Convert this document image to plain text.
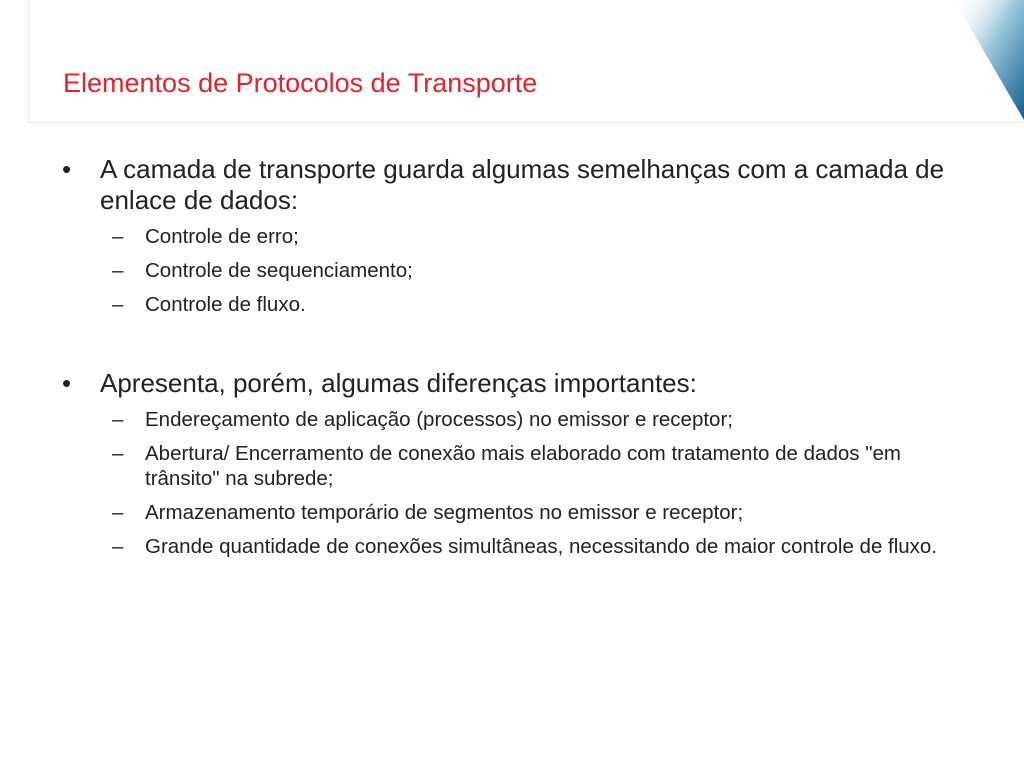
Elementos de Protocolos de Transporte
• A camada de transporte guarda algumas semelhanças com a camada de enlace de dados:
– Controle de erro;
– Controle de sequenciamento;
– Controle de fluxo.
• Apresenta, porém, algumas diferenças importantes:
– Endereçamento de aplicação (processos) no emissor e receptor;
– Abertura/ Encerramento de conexão mais elaborado com tratamento de dados "em trânsito" na subrede;
– Armazenamento temporário de segmentos no emissor e receptor;
– Grande quantidade de conexões simultâneas, necessitando de maior controle de fluxo.
